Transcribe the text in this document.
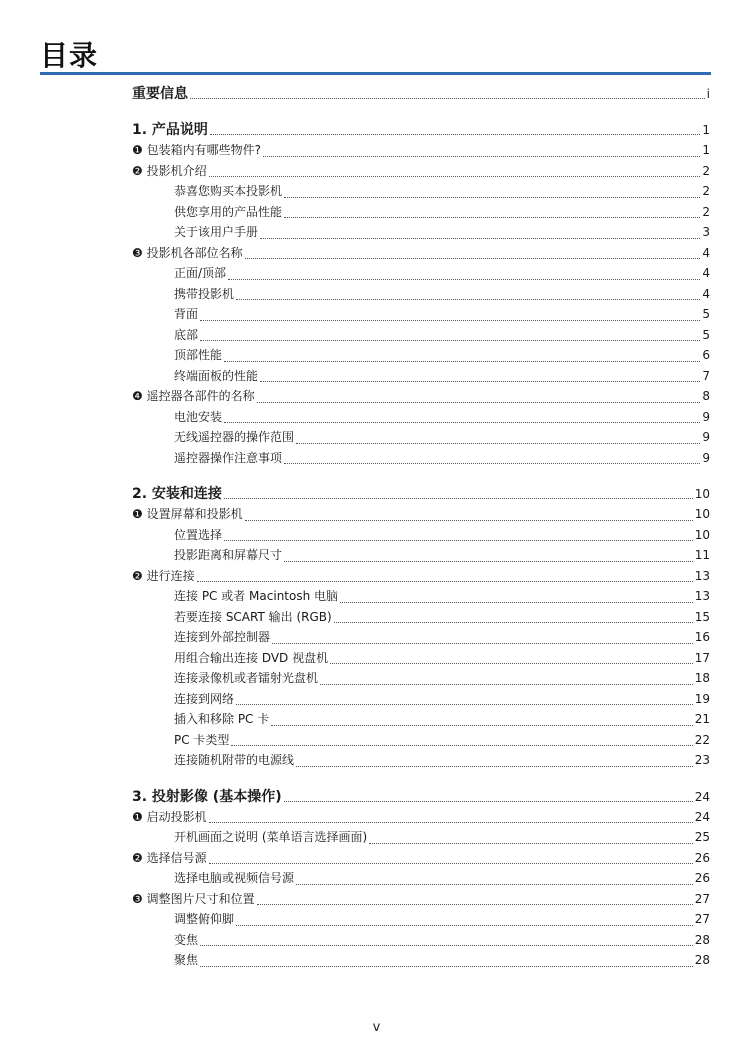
目录
重要信息	i
1. 产品说明	1
❶ 包装箱内有哪些物件?	1
❷ 投影机介绍	2
恭喜您购买本投影机	2
供您享用的产品性能	2
关于该用户手册	3
❸ 投影机各部位名称	4
正面/顶部	4
携带投影机	4
背面	5
底部	5
顶部性能	6
终端面板的性能	7
❹ 遥控器各部件的名称	8
电池安装	9
无线遥控器的操作范围	9
遥控器操作注意事项	9
2. 安装和连接	10
❶ 设置屏幕和投影机	10
位置选择	10
投影距离和屏幕尺寸	11
❷ 进行连接	13
连接 PC 或者 Macintosh 电脑	13
若要连接 SCART 输出 (RGB)	15
连接到外部控制器	16
用组合输出连接 DVD 视盘机	17
连接录像机或者镭射光盘机	18
连接到网络	19
插入和移除 PC 卡	21
PC 卡类型	22
连接随机附带的电源线	23
3. 投射影像 (基本操作)	24
❶ 启动投影机	24
开机画面之说明 (菜单语言选择画面)	25
❷ 选择信号源	26
选择电脑或视频信号源	26
❸ 调整图片尺寸和位置	27
调整俯仰脚	27
变焦	28
聚焦	28
v
